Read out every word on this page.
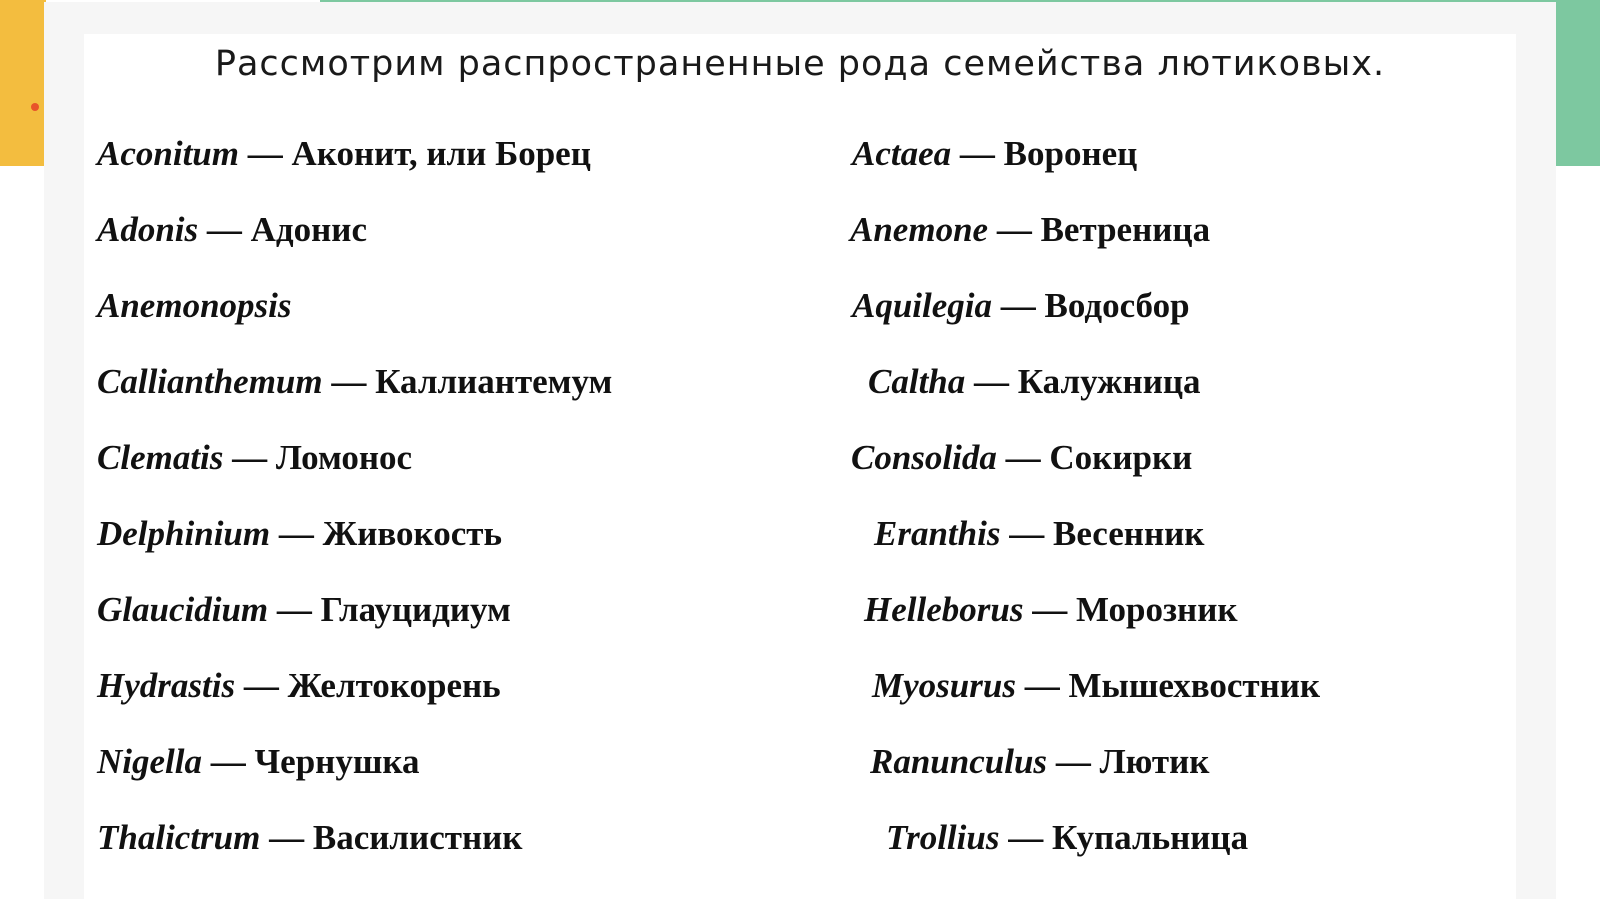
Рассмотрим распространенные рода семейства лютиковых.
Aconitum — Аконит, или Борец
Adonis — Адонис
Anemonopsis
Callianthemum — Каллиантемум
Clematis — Ломонос
Delphinium — Живокость
Glaucidium — Глауцидиум
Hydrastis — Желтокорень
Nigella — Чернушка
Thalictrum — Василистник
Actaea — Воронец
Anemone — Ветреница
Aquilegia — Водосбор
Caltha — Калужница
Consolida — Сокирки
Eranthis — Весенник
Helleborus — Морозник
Myosurus — Мышехвостник
Ranunculus — Лютик
Trollius — Купальница
